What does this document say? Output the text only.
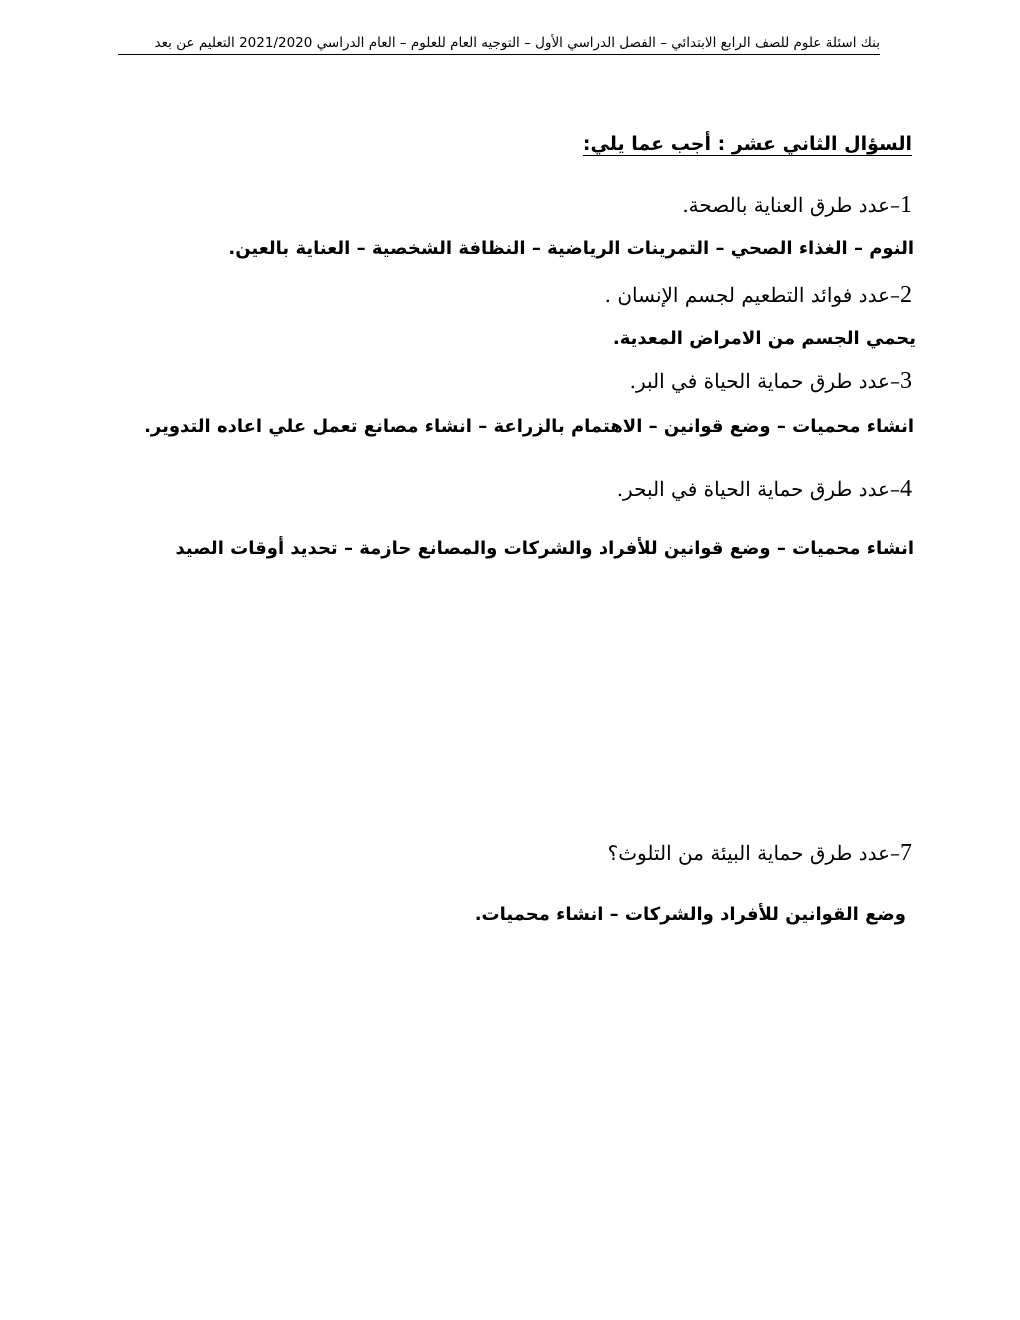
بنك اسئلة علوم للصف الرابع الابتدائي – الفصل الدراسي الأول – التوجيه العام للعلوم – العام الدراسي 2021/2020 التعليم عن بعد
السؤال الثاني عشر : أجب عما يلي:
1–عدد طرق العناية بالصحة.
النوم – الغذاء الصحي – التمرينات الرياضية – النظافة الشخصية – العناية بالعين.
2–عدد فوائد التطعيم لجسم الإنسان .
يحمي الجسم من الامراض المعدية.
3–عدد طرق حماية الحياة في البر.
انشاء محميات – وضع قوانين – الاهتمام بالزراعة – انشاء مصانع تعمل علي اعاده التدوير.
4–عدد طرق حماية الحياة في البحر.
انشاء محميات – وضع قوانين للأفراد والشركات والمصانع حازمة – تحديد أوقات الصيد
7–عدد طرق حماية البيئة من التلوث؟
وضع القوانين للأفراد والشركات – انشاء محميات.
